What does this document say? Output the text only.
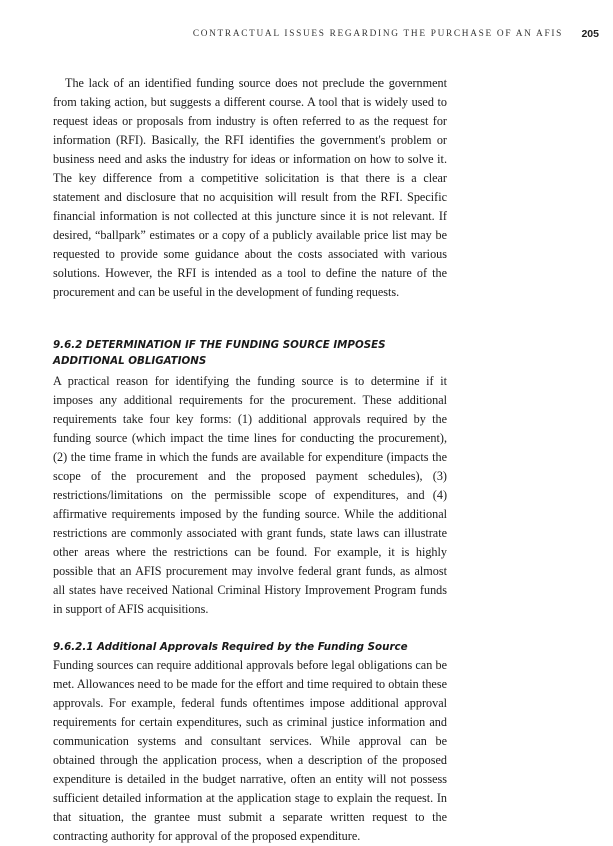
CONTRACTUAL ISSUES REGARDING THE PURCHASE OF AN AFIS 205

The lack of an identified funding source does not preclude the government from taking action, but suggests a different course. A tool that is widely used to request ideas or proposals from industry is often referred to as the request for information (RFI). Basically, the RFI identifies the government's problem or business need and asks the industry for ideas or information on how to solve it. The key difference from a competitive solicitation is that there is a clear statement and disclosure that no acquisition will result from the RFI. Specific financial information is not collected at this juncture since it is not relevant. If desired, “ballpark” estimates or a copy of a publicly available price list may be requested to provide some guidance about the costs associated with various solutions. However, the RFI is intended as a tool to define the nature of the procurement and can be useful in the development of funding requests.

9.6.2 DETERMINATION IF THE FUNDING SOURCE IMPOSES ADDITIONAL OBLIGATIONS

A practical reason for identifying the funding source is to determine if it imposes any additional requirements for the procurement. These additional requirements take four key forms: (1) additional approvals required by the funding source (which impact the time lines for conducting the procurement), (2) the time frame in which the funds are available for expenditure (impacts the scope of the procurement and the proposed payment schedules), (3) restrictions/limitations on the permissible scope of expenditures, and (4) affirmative requirements imposed by the funding source. While the additional restrictions are commonly associated with grant funds, state laws can illustrate other areas where the restrictions can be found. For example, it is highly possible that an AFIS procurement may involve federal grant funds, as almost all states have received National Criminal History Improvement Program funds in support of AFIS acquisitions.

9.6.2.1 Additional Approvals Required by the Funding Source

Funding sources can require additional approvals before legal obligations can be met. Allowances need to be made for the effort and time required to obtain these approvals. For example, federal funds oftentimes impose additional approval requirements for certain expenditures, such as criminal justice information and communication systems and consultant services. While approval can be obtained through the application process, when a description of the proposed expenditure is detailed in the budget narrative, often an entity will not possess sufficient detailed information at the application stage to explain the request. In that situation, the grantee must submit a separate written request to the contracting authority for approval of the proposed expenditure.
